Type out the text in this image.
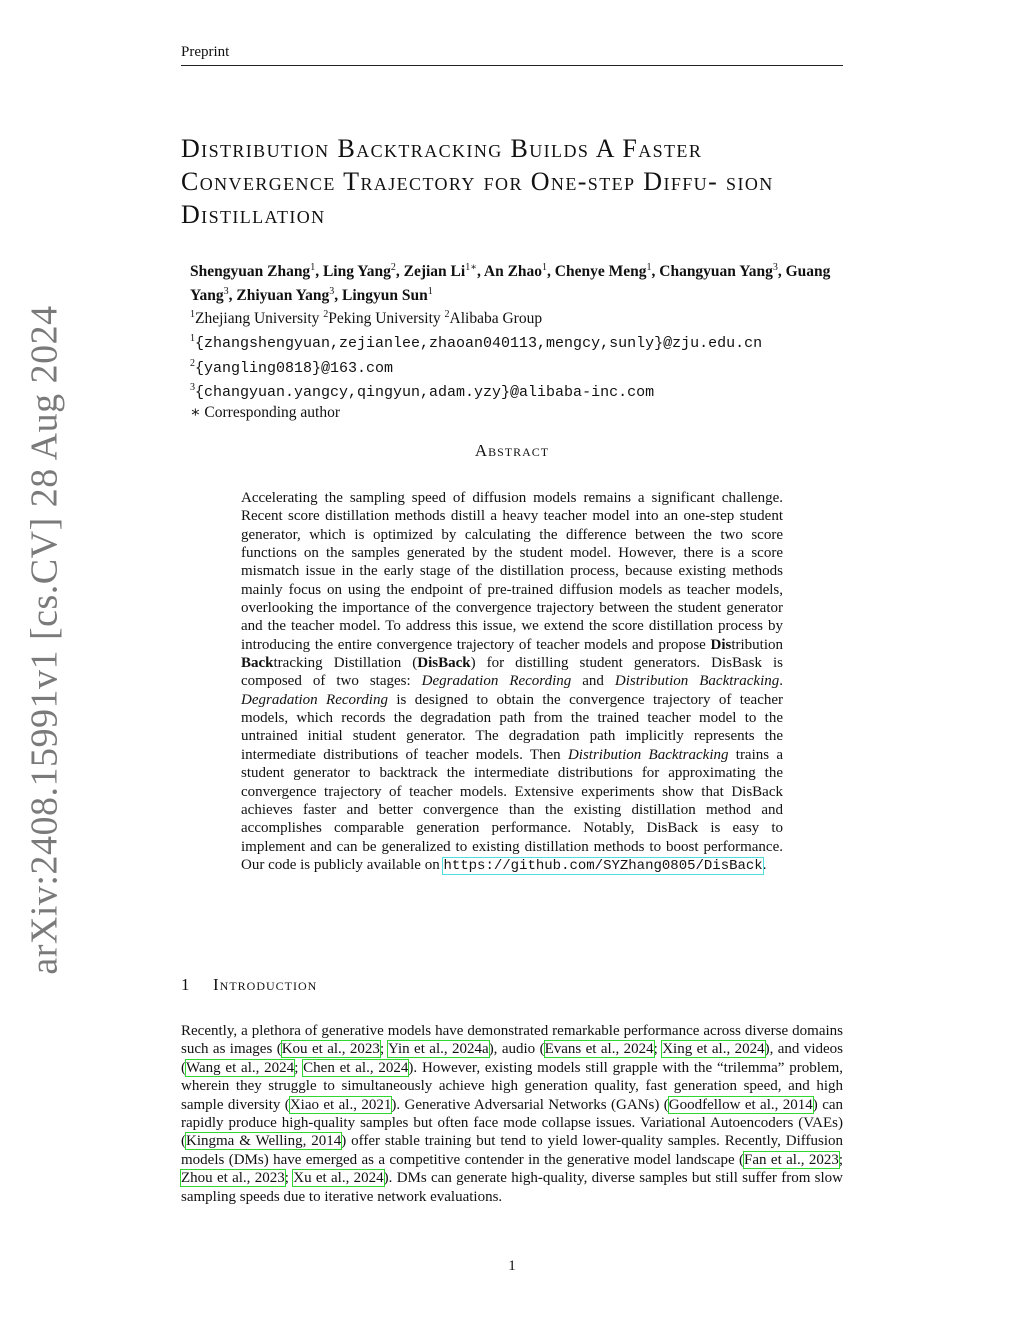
arXiv:2408.15991v1 [cs.CV] 28 Aug 2024
Preprint
Distribution Backtracking Builds A Faster Convergence Trajectory for One-step Diffu- sion Distillation
Shengyuan Zhang$^1$, Ling Yang$^2$, Zejian $Li^{1∗}$, An Zhao$^1$, Chenye Meng$^1$, Changyuan Yang$^3$, Guang Yang$^3$, Zhiyuan Yang$^3$, Lingyun Sun$^1$
$^1$Zhejiang University $^2$Peking University $^2$Alibaba Group
$^1${zhangshengyuan,zejianlee,zhaoan040113,mengcy,sunly}@zju.edu.cn
$^2${yangling0818}@163.com
$^3${changyuan.yangcy,qingyun,adam.yzy}@alibaba-inc.com
∗ Corresponding author
Abstract
Accelerating the sampling speed of diffusion models remains a significant challenge. Recent score distillation methods distill a heavy teacher model into an one-step student generator, which is optimized by calculating the difference between the two score functions on the samples generated by the student model. However, there is a score mismatch issue in the early stage of the distillation process, because existing methods mainly focus on using the endpoint of pre-trained diffusion models as teacher models, overlooking the importance of the convergence trajectory between the student generator and the teacher model. To address this issue, we extend the score distillation process by introducing the entire convergence trajectory of teacher models and propose Distribution Backtracking Distillation (DisBack) for distilling student generators. DisBask is composed of two stages: Degradation Recording and Distribution Backtracking. Degradation Recording is designed to obtain the convergence trajectory of teacher models, which records the degradation path from the trained teacher model to the untrained initial student generator. The degradation path implicitly represents the intermediate distributions of teacher models. Then Distribution Backtracking trains a student generator to backtrack the intermediate distributions for approximating the convergence trajectory of teacher models. Extensive experiments show that DisBack achieves faster and better convergence than the existing distillation method and accomplishes comparable generation performance. Notably, DisBack is easy to implement and can be generalized to existing distillation methods to boost performance. Our code is publicly available on https://github.com/SYZhang0805/DisBack.
1 Introduction
Recently, a plethora of generative models have demonstrated remarkable performance across diverse domains such as images (Kou et al., 2023; Yin et al., 2024a), audio (Evans et al., 2024; Xing et al., 2024), and videos (Wang et al., 2024; Chen et al., 2024). However, existing models still grapple with the “trilemma” problem, wherein they struggle to simultaneously achieve high generation quality, fast generation speed, and high sample diversity (Xiao et al., 2021). Generative Adversarial Networks (GANs) (Goodfellow et al., 2014) can rapidly produce high-quality samples but often face mode collapse issues. Variational Autoencoders (VAEs) (Kingma & Welling, 2014) offer stable training but tend to yield lower-quality samples. Recently, Diffusion models (DMs) have emerged as a competitive contender in the generative model landscape (Fan et al., 2023; Zhou et al., 2023; Xu et al., 2024). DMs can generate high-quality, diverse samples but still suffer from slow sampling speeds due to iterative network evaluations.
1
